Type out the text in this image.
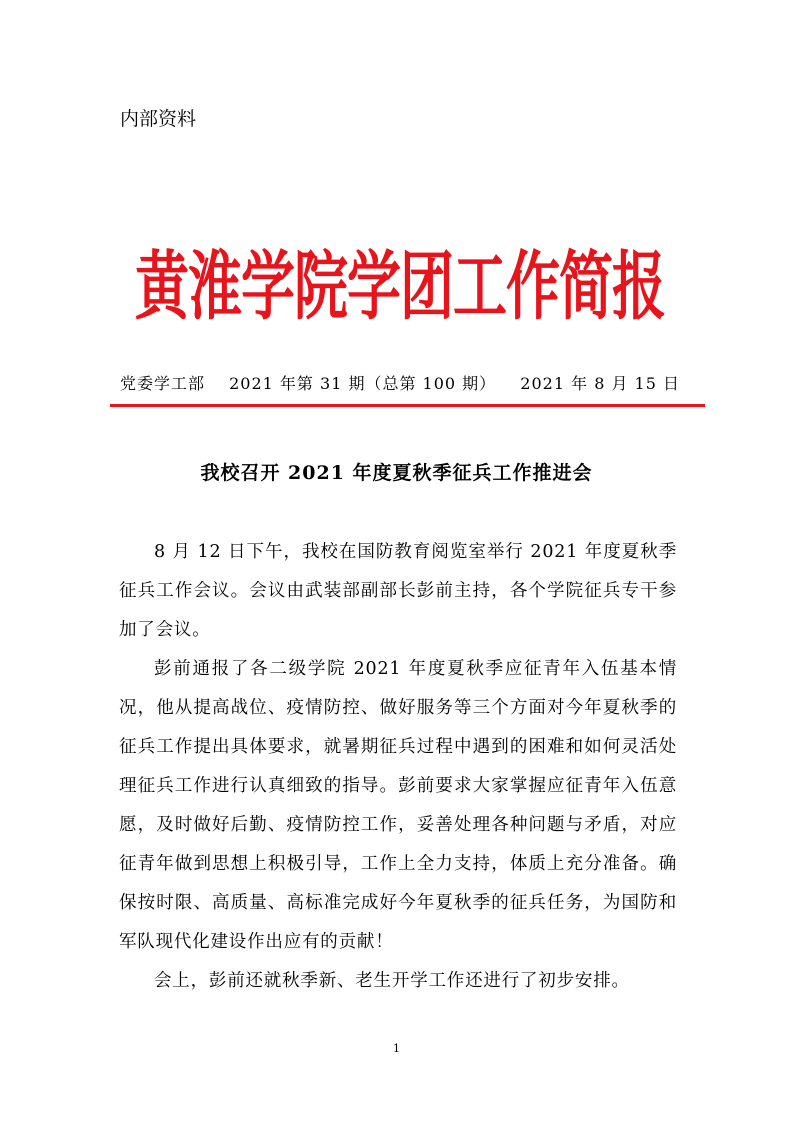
内部资料
黄淮学院学团工作简报
党委学工部 2021 年第 31 期（总第 100 期） 2021 年 8 月 15 日
我校召开 2021 年度夏秋季征兵工作推进会

8 月 12 日下午，我校在国防教育阅览室举行 2021 年度夏秋季征兵工作会议。会议由武装部副部长彭前主持，各个学院征兵专干参加了会议。

彭前通报了各二级学院 2021 年度夏秋季应征青年入伍基本情况，他从提高战位、疫情防控、做好服务等三个方面对今年夏秋季的征兵工作提出具体要求，就暑期征兵过程中遇到的困难和如何灵活处理征兵工作进行认真细致的指导。彭前要求大家掌握应征青年入伍意愿，及时做好后勤、疫情防控工作，妥善处理各种问题与矛盾，对应征青年做到思想上积极引导，工作上全力支持，体质上充分准备。确保按时限、高质量、高标准完成好今年夏秋季的征兵任务，为国防和军队现代化建设作出应有的贡献！

会上，彭前还就秋季新、老生开学工作还进行了初步安排。

1
